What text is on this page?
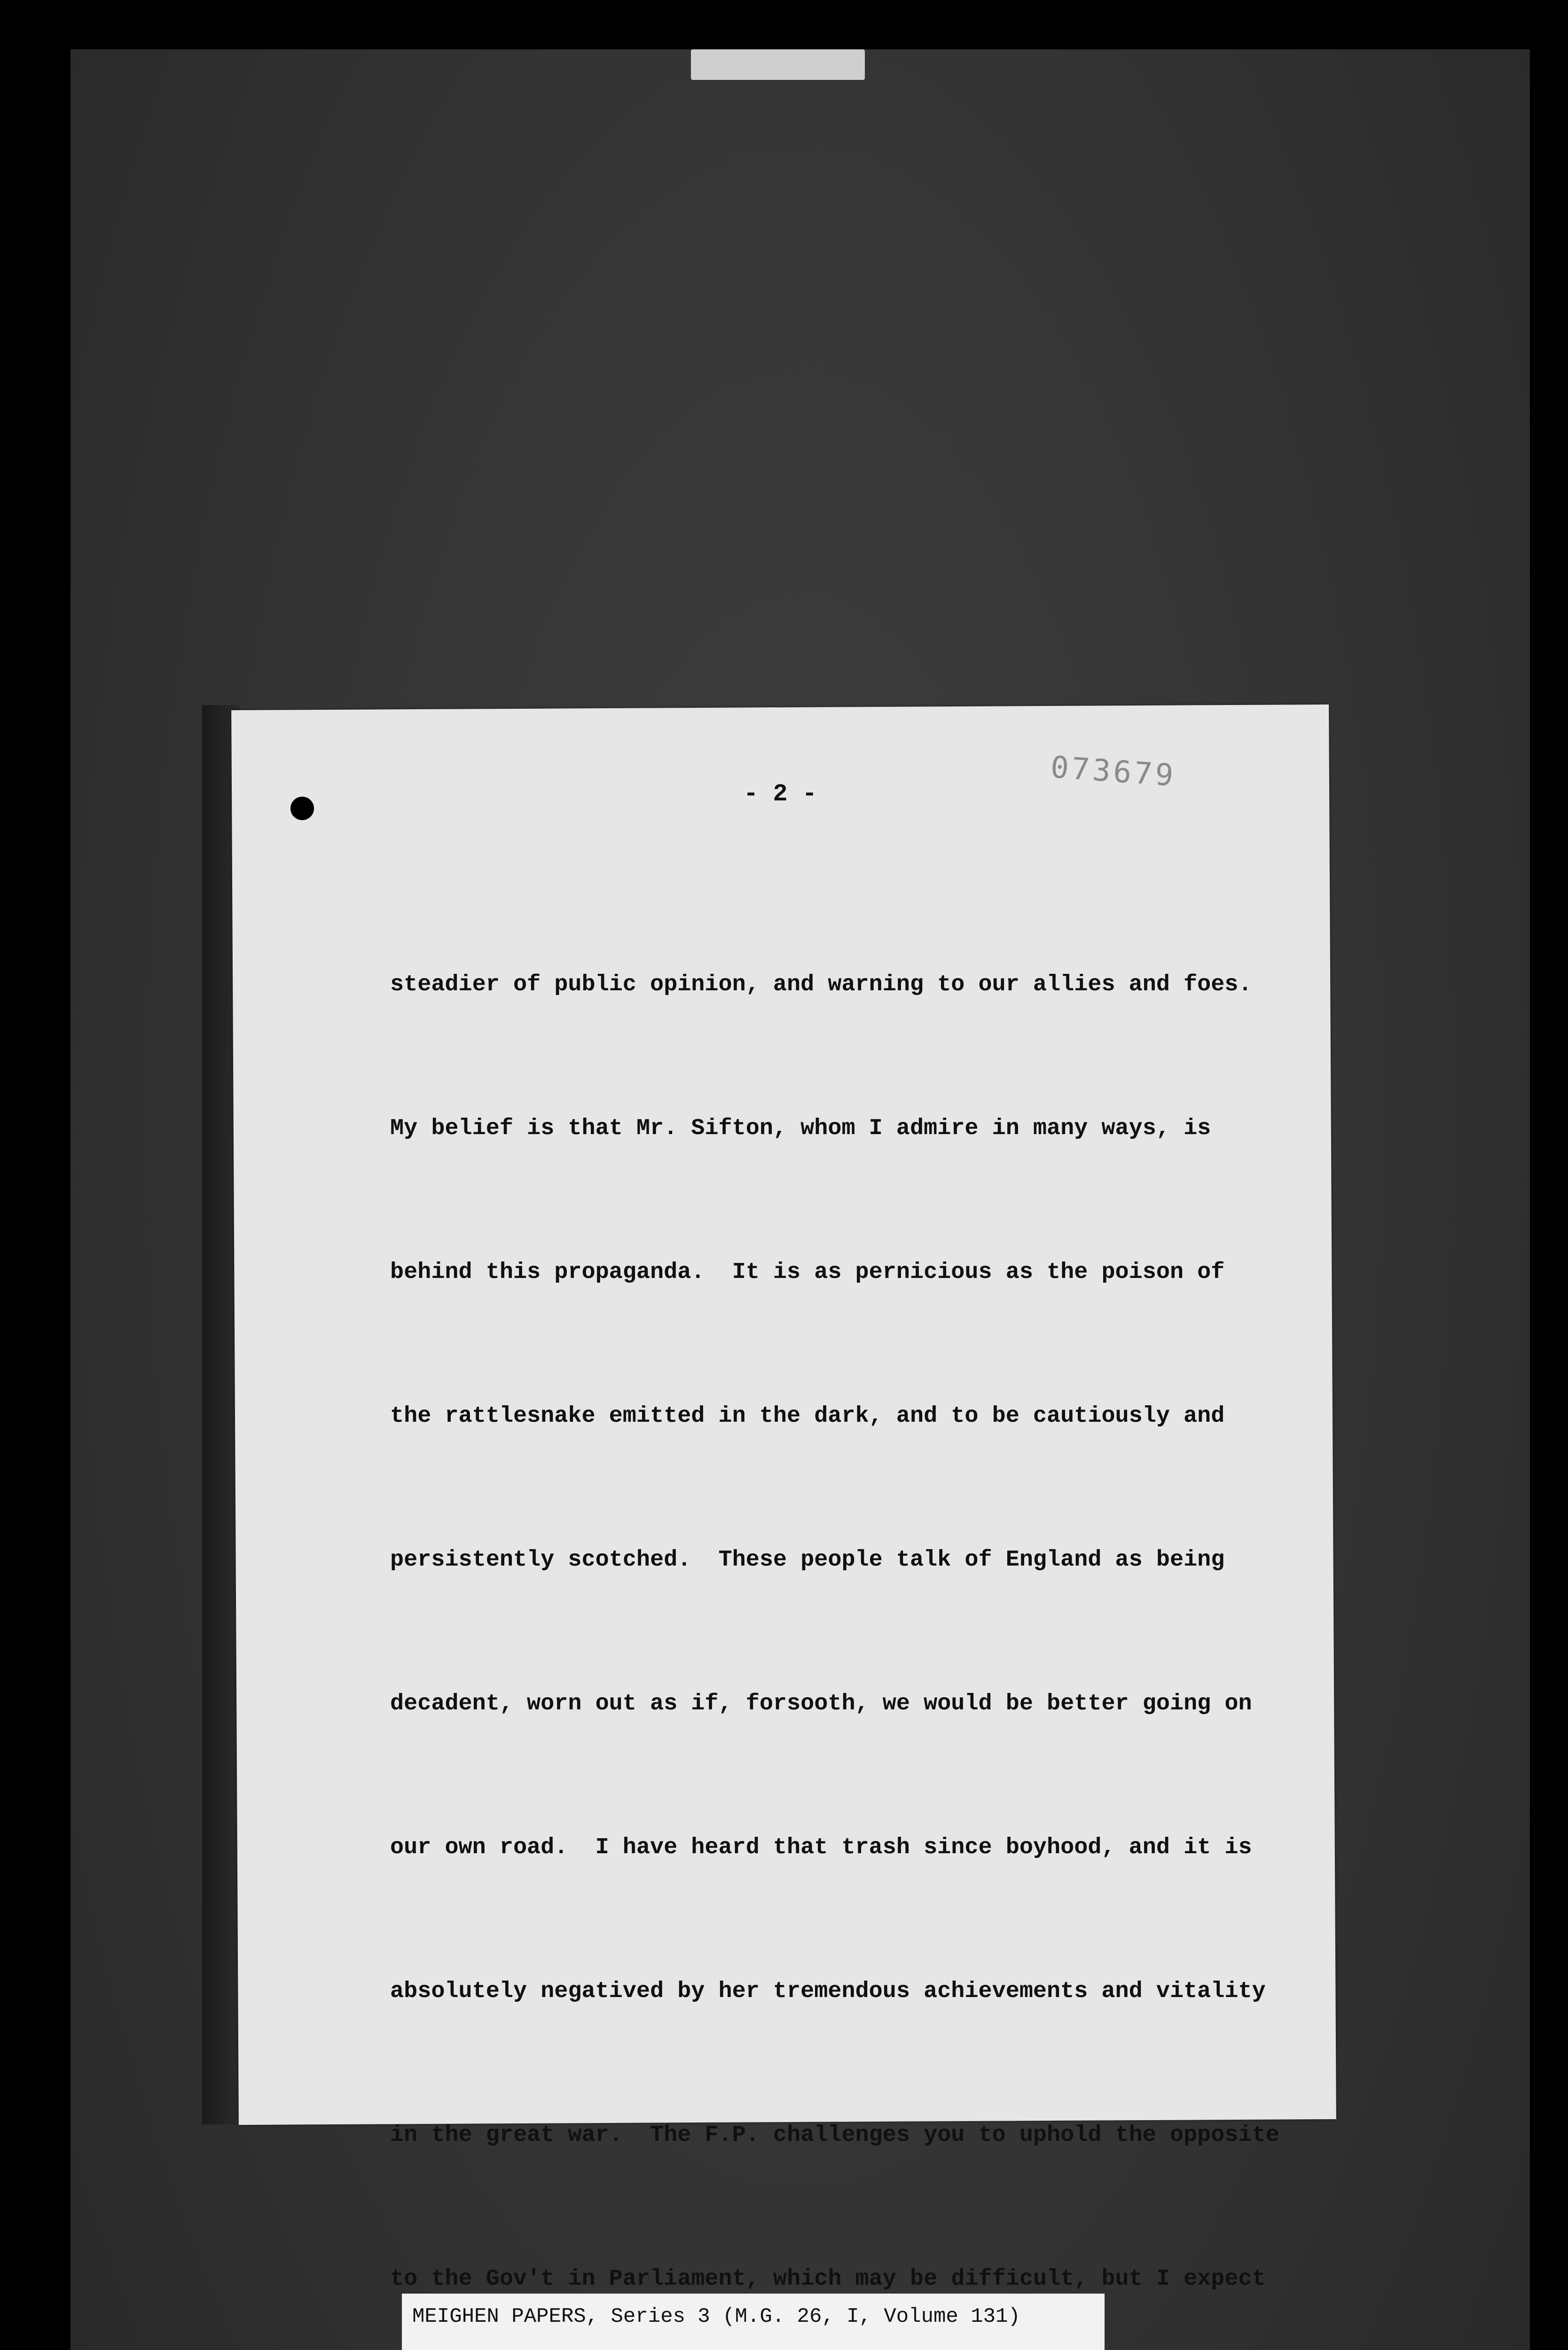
- 2 -
073679

steadier of public opinion, and warning to our allies and foes.

My belief is that Mr. Sifton, whom I admire in many ways, is

behind this propaganda.  It is as pernicious as the poison of

the rattlesnake emitted in the dark, and to be cautiously and

persistently scotched.  These people talk of England as being

decadent, worn out as if, forsooth, we would be better going on

our own road.  I have heard that trash since boyhood, and it is

absolutely negatived by her tremendous achievements and vitality

in the great war.  The F.P. challenges you to uphold the opposite

to the Gov't in Parliament, which may be difficult, but I expect

MEIGHEN PAPERS, Series 3 (M.G. 26, I, Volume 131)
